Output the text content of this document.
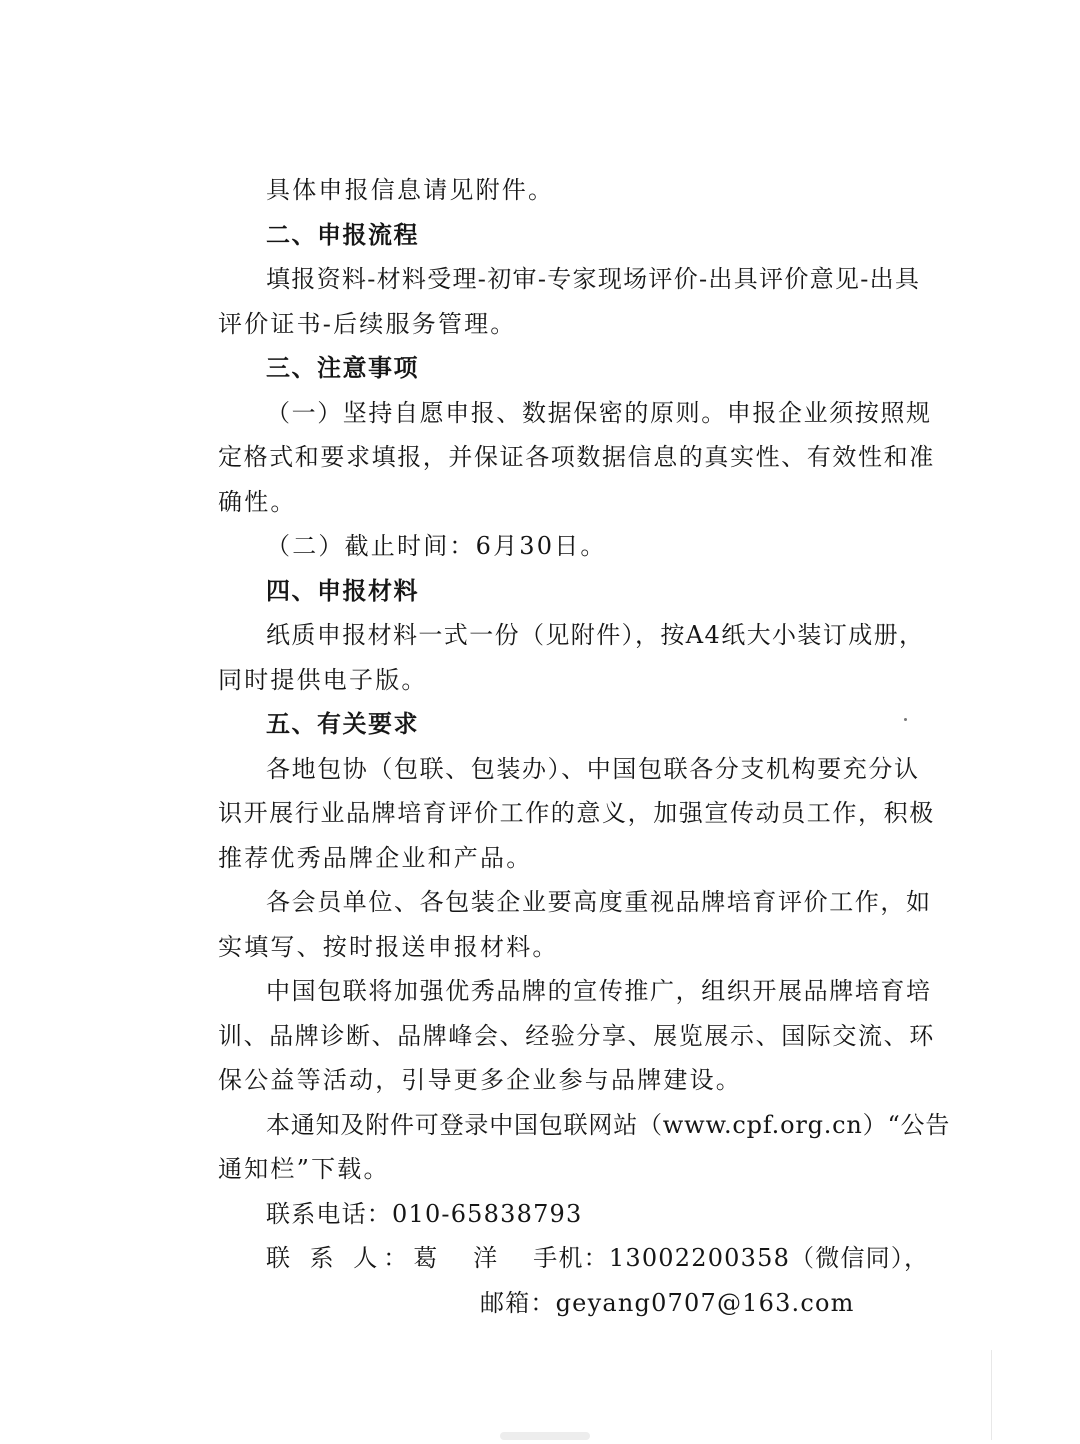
具体申报信息请见附件。
二、申报流程
填报资料-材料受理-初审-专家现场评价-出具评价意见-出具
评价证书-后续服务管理。
三、注意事项
（一）坚持自愿申报、数据保密的原则。申报企业须按照规
定格式和要求填报，并保证各项数据信息的真实性、有效性和准
确性。
（二）截止时间：6月30日。
四、申报材料
纸质申报材料一式一份（见附件），按A4纸大小装订成册，
同时提供电子版。
五、有关要求
各地包协（包联、包装办）、中国包联各分支机构要充分认
识开展行业品牌培育评价工作的意义，加强宣传动员工作，积极
推荐优秀品牌企业和产品。
各会员单位、各包装企业要高度重视品牌培育评价工作，如
实填写、按时报送申报材料。
中国包联将加强优秀品牌的宣传推广，组织开展品牌培育培
训、品牌诊断、品牌峰会、经验分享、展览展示、国际交流、环
保公益等活动，引导更多企业参与品牌建设。
本通知及附件可登录中国包联网站（www.cpf.org.cn）“公告
通知栏”下载。
联系电话：010-65838793
联 系 人：葛　洋 手机：13002200358（微信同），
邮箱：geyang0707@163.com
